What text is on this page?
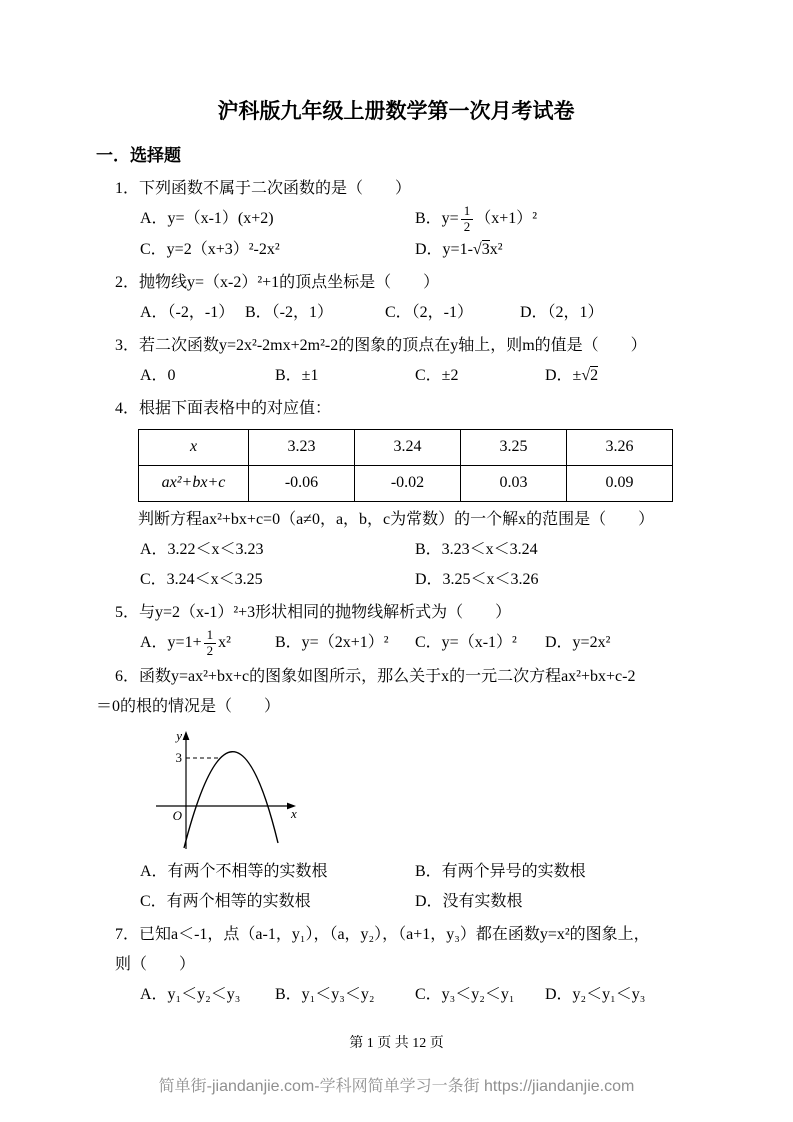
沪科版九年级上册数学第一次月考试卷
一．选择题

1．下列函数不属于二次函数的是（　　）

A．y=（x-1）(x+2)	B．$y= \frac{1}{2} (x+1)^2$
C．y=2（x+3）²-2x²	D．y=1-√3x²

2．抛物线y=（x-2）²+1的顶点坐标是（　　）

A．（-2，-1） B．（-2，1）	C．（2，-1）	D．（2，1）

3．若二次函数y=2x²-2mx+2m²-2的图象的顶点在y轴上，则m的值是（　　）

A．0	B．±1	C．±2	D．±√2

4．根据下面表格中的对应值：

x	3.23	3.24	3.25	3.26
ax²+bx+c	-0.06	-0.02	0.03	0.09

判断方程ax²+bx+c=0（a≠0，a，b，c为常数）的一个解x的范围是（　　）

A．3.22＜x＜3.23	B．3.23＜x＜3.24
C．3.24＜x＜3.25	D．3.25＜x＜3.26

5．与y=2（x-1）²+3形状相同的抛物线解析式为（　　）

A．$y=1+ \frac{1}{2} x^2$	B．y=（2x+1）²	C．y=（x-1）²	D．y=2x²

6．函数y=ax²+bx+c的图象如图所示，那么关于x的一元二次方程ax²+bx+c-2

＝0的根的情况是（　　）

y
3
O	x
A．有两个不相等的实数根	B．有两个异号的实数根
C．有两个相等的实数根	D．没有实数根

7．已知a＜-1，点（a-1，y₁），（a，y₂），（a+1，y₃）都在函数y=x²的图象上，

则（　　）

A．y₁＜y₂＜y₃	B．y₁＜y₃＜y₂	C．y₃＜y₂＜y₁	D．y₂＜y₁＜y₃
第 1 页 共 12 页
简单街-jiandanjie.com-学科网简单学习一条街 https://jiandanjie.com
